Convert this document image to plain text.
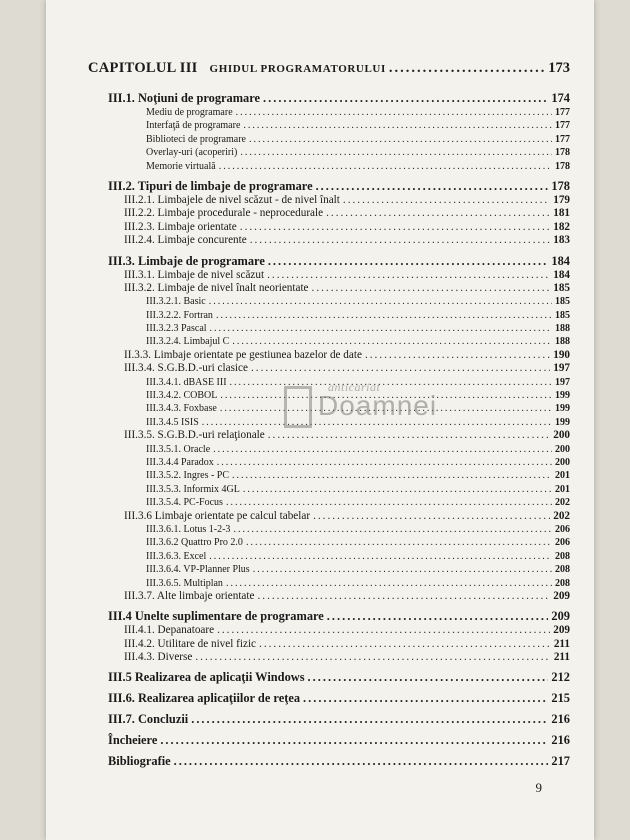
CAPITOLUL III GHIDUL PROGRAMATORULUI .....	173
III.1. Noţiuni de programare .....	174
Mediu de programare .....	177
Interfaţă de programare .....	177
Biblioteci de programare .....	177
Overlay-uri (acoperiri) .....	178
Memorie virtuală .....	178
III.2. Tipuri de limbaje de programare .....	178
III.2.1. Limbajele de nivel scăzut - de nivel înalt .....	179
III.2.2. Limbaje procedurale - neprocedurale .....	181
III.2.3. Limbaje orientate .....	182
III.2.4. Limbaje concurente .....	183
III.3. Limbaje de programare .....	184
III.3.1. Limbaje de nivel scăzut .....	184
III.3.2. Limbaje de nivel înalt neorientate .....	185
III.3.2.1. Basic .....	185
III.3.2.2. Fortran .....	185
III.3.2.3 Pascal .....	188
III.3.2.4. Limbajul C .....	188
II.3.3. Limbaje orientate pe gestiunea bazelor de date .....	190
III.3.4. S.G.B.D.-uri clasice .....	197
III.3.4.1. dBASE III .....	197
III.3.4.2. COBOL .....	199
III.3.4.3. Foxbase .....	199
III.3.4.5 ISIS .....	199
III.3.5. S.G.B.D.-uri relaţionale .....	200
III.3.5.1. Oracle .....	200
III.3.4.4 Paradox .....	200
III.3.5.2. Ingres - PC .....	201
III.3.5.3. Informix 4GL .....	201
III.3.5.4. PC-Focus .....	202
III.3.6 Limbaje orientate pe calcul tabelar .....	202
III.3.6.1. Lotus 1-2-3 .....	206
III.3.6.2 Quattro Pro 2.0 .....	206
III.3.6.3. Excel .....	208
III.3.6.4. VP-Planner Plus .....	208
III.3.6.5. Multiplan .....	208
III.3.7. Alte limbaje orientate .....	209
III.4 Unelte suplimentare de programare .....	209
III.4.1. Depanatoare .....	209
III.4.2. Utilitare de nivel fizic .....	211
III.4.3. Diverse .....	211
III.5 Realizarea de aplicaţii Windows .....	212
III.6. Realizarea aplicaţiilor de reţea .....	215
III.7. Concluzii .....	216
Încheiere .....	216
Bibliografie .....	217
anticariat
Doamnei
9
